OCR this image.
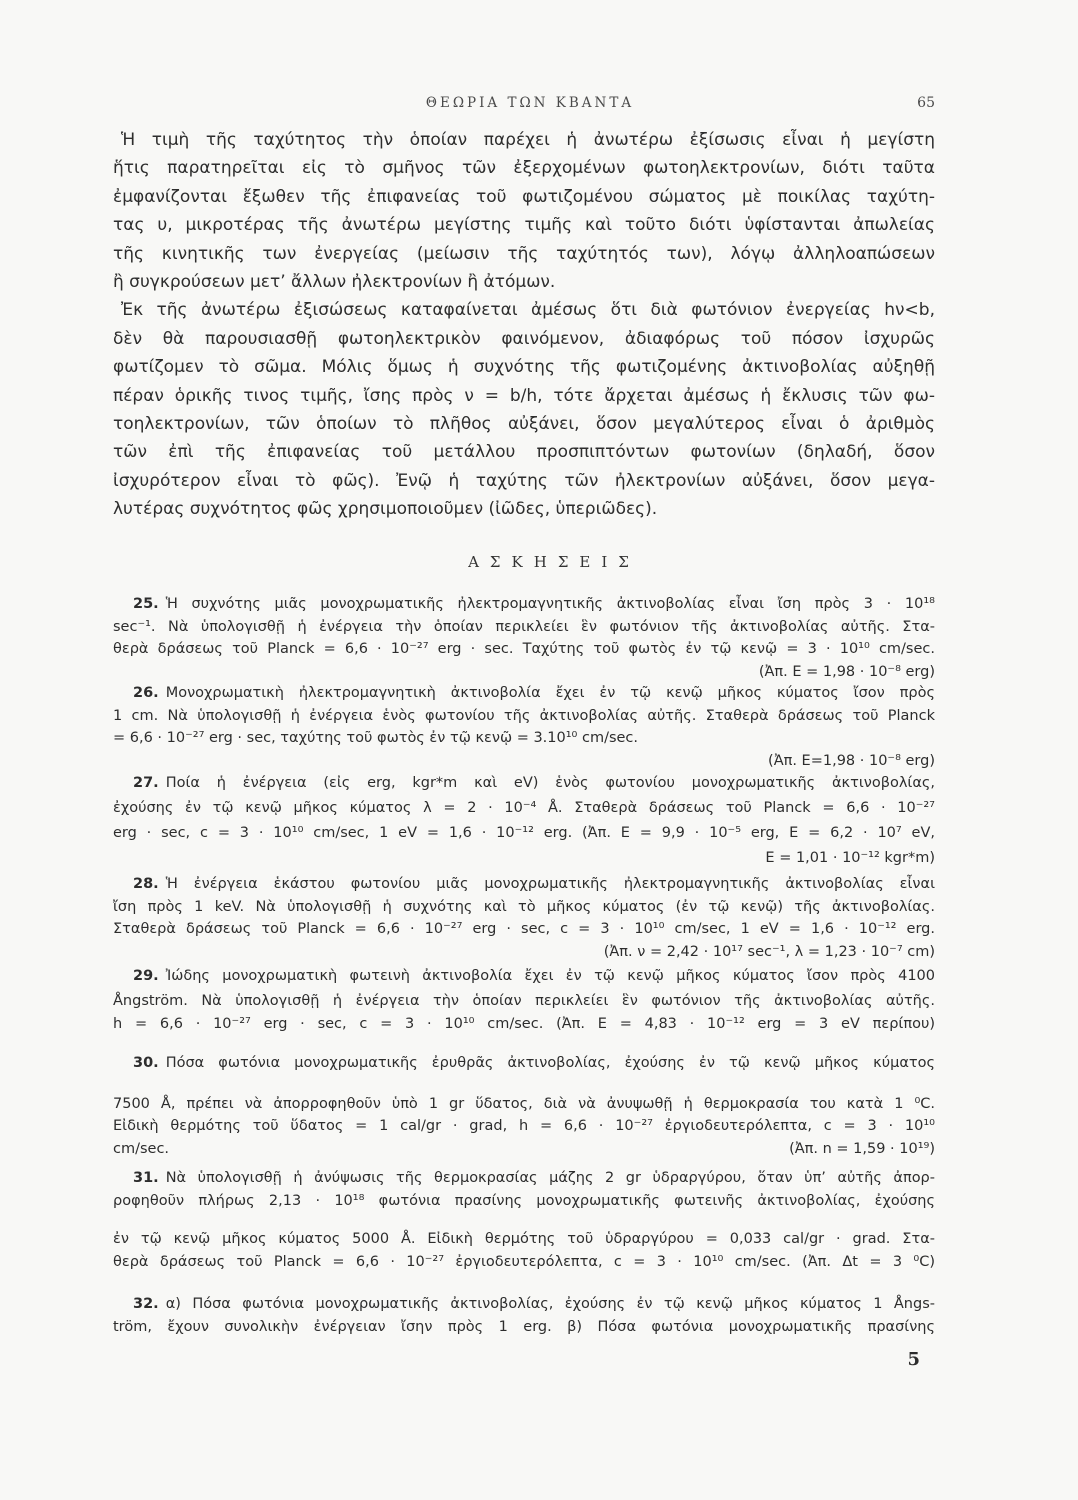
ΘΕΩΡΙΑ ΤΩΝ ΚΒΑΝΤΑ	65
Ἡ τιμὴ τῆς ταχύτητος τὴν ὁποίαν παρέχει ἡ ἀνωτέρω ἐξίσωσις εἶναι ἡ μεγίστη
ἥτις παρατηρεῖται εἰς τὸ σμῆνος τῶν ἐξερχομένων φωτοηλεκτρονίων, διότι ταῦτα
ἐμφανίζονται ἔξωθεν τῆς ἐπιφανείας τοῦ φωτιζομένου σώματος μὲ ποικίλας ταχύτη-
τας υ, μικροτέρας τῆς ἀνωτέρω μεγίστης τιμῆς καὶ τοῦτο διότι ὑφίστανται ἀπωλείας
τῆς κινητικῆς των ἐνεργείας (μείωσιν τῆς ταχύτητός των), λόγῳ ἀλληλοαπώσεων
ἢ συγκρούσεων μετ’ ἄλλων ἠλεκτρονίων ἢ ἀτόμων.
Ἐκ τῆς ἀνωτέρω ἐξισώσεως καταφαίνεται ἀμέσως ὅτι διὰ φωτόνιον ἐνεργείας hν<b,
δὲν θὰ παρουσιασθῇ φωτοηλεκτρικὸν φαινόμενον, ἀδιαφόρως τοῦ πόσον ἰσχυρῶς
φωτίζομεν τὸ σῶμα. Μόλις ὅμως ἡ συχνότης τῆς φωτιζομένης ἀκτινοβολίας αὐξηθῇ
πέραν ὁρικῆς τινος τιμῆς, ἴσης πρὸς ν = b/h, τότε ἄρχεται ἀμέσως ἡ ἔκλυσις τῶν φω-
τοηλεκτρονίων, τῶν ὁποίων τὸ πλῆθος αὐξάνει, ὅσον μεγαλύτερος εἶναι ὁ ἀριθμὸς
τῶν ἐπὶ τῆς ἐπιφανείας τοῦ μετάλλου προσπιπτόντων φωτονίων (δηλαδή, ὅσον
ἰσχυρότερον εἶναι τὸ φῶς). Ἐνῷ ἡ ταχύτης τῶν ἠλεκτρονίων αὐξάνει, ὅσον μεγα-
λυτέρας συχνότητος φῶς χρησιμοποιοῦμεν (ἰῶδες, ὑπεριῶδες).
ΑΣΚΗΣΕΙΣ
25. Ἡ συχνότης μιᾶς μονοχρωματικῆς ἠλεκτρομαγνητικῆς ἀκτινοβολίας εἶναι ἴση πρὸς 3 · 10¹⁸
sec⁻¹. Νὰ ὑπολογισθῇ ἡ ἐνέργεια τὴν ὁποίαν περικλείει ἓν φωτόνιον τῆς ἀκτινοβολίας αὐτῆς. Στα-
θερὰ δράσεως τοῦ Planck = 6,6 · 10⁻²⁷ erg · sec. Ταχύτης τοῦ φωτὸς ἐν τῷ κενῷ = 3 · 10¹⁰ cm/sec.
(Ἀπ. E = 1,98 · 10⁻⁸ erg)
26. Μονοχρωματικὴ ἠλεκτρομαγνητικὴ ἀκτινοβολία ἔχει ἐν τῷ κενῷ μῆκος κύματος ἴσον πρὸς
1 cm. Νὰ ὑπολογισθῇ ἡ ἐνέργεια ἑνὸς φωτονίου τῆς ἀκτινοβολίας αὐτῆς. Σταθερὰ δράσεως τοῦ Planck
= 6,6 · 10⁻²⁷ erg · sec, ταχύτης τοῦ φωτὸς ἐν τῷ κενῷ = 3.10¹⁰ cm/sec.
(Ἀπ. E=1,98 · 10⁻⁸ erg)
27. Ποία ἡ ἐνέργεια (εἰς erg, kgr*m καὶ eV) ἑνὸς φωτονίου μονοχρωματικῆς ἀκτινοβολίας,
ἐχούσης ἐν τῷ κενῷ μῆκος κύματος λ = 2 · 10⁻⁴ Å. Σταθερὰ δράσεως τοῦ Planck = 6,6 · 10⁻²⁷
erg · sec, c = 3 · 10¹⁰ cm/sec, 1 eV = 1,6 · 10⁻¹² erg. (Ἀπ. E = 9,9 · 10⁻⁵ erg, E = 6,2 · 10⁷ eV,
E = 1,01 · 10⁻¹² kgr*m)
28. Ἡ ἐνέργεια ἑκάστου φωτονίου μιᾶς μονοχρωματικῆς ἠλεκτρομαγνητικῆς ἀκτινοβολίας εἶναι
ἴση πρὸς 1 keV. Νὰ ὑπολογισθῇ ἡ συχνότης καὶ τὸ μῆκος κύματος (ἐν τῷ κενῷ) τῆς ἀκτινοβολίας.
Σταθερὰ δράσεως τοῦ Planck = 6,6 · 10⁻²⁷ erg · sec, c = 3 · 10¹⁰ cm/sec, 1 eV = 1,6 · 10⁻¹² erg.
(Ἀπ. ν = 2,42 · 10¹⁷ sec⁻¹, λ = 1,23 · 10⁻⁷ cm)
29. Ἰώδης μονοχρωματικὴ φωτεινὴ ἀκτινοβολία ἔχει ἐν τῷ κενῷ μῆκος κύματος ἴσον πρὸς 4100
Ångström. Νὰ ὑπολογισθῇ ἡ ἐνέργεια τὴν ὁποίαν περικλείει ἓν φωτόνιον τῆς ἀκτινοβολίας αὐτῆς.
h = 6,6 · 10⁻²⁷ erg · sec, c = 3 · 10¹⁰ cm/sec. (Ἀπ. E = 4,83 · 10⁻¹² erg = 3 eV περίπου)
30. Πόσα φωτόνια μονοχρωματικῆς ἐρυθρᾶς ἀκτινοβολίας, ἐχούσης ἐν τῷ κενῷ μῆκος κύματος
7500 Å, πρέπει νὰ ἀπορροφηθοῦν ὑπὸ 1 gr ὕδατος, διὰ νὰ ἀνυψωθῇ ἡ θερμοκρασία του κατὰ 1 ⁰C.
Εἰδικὴ θερμότης τοῦ ὕδατος = 1 cal/gr · grad, h = 6,6 · 10⁻²⁷ ἐργιοδευτερόλεπτα, c = 3 · 10¹⁰
cm/sec.	(Ἀπ. n = 1,59 · 10¹⁹)
31. Νὰ ὑπολογισθῇ ἡ ἀνύψωσις τῆς θερμοκρασίας μάζης 2 gr ὑδραργύρου, ὅταν ὑπ’ αὐτῆς ἀπορ-
ροφηθοῦν πλήρως 2,13 · 10¹⁸ φωτόνια πρασίνης μονοχρωματικῆς φωτεινῆς ἀκτινοβολίας, ἐχούσης
ἐν τῷ κενῷ μῆκος κύματος 5000 Å. Εἰδικὴ θερμότης τοῦ ὑδραργύρου = 0,033 cal/gr · grad. Στα-
θερὰ δράσεως τοῦ Planck = 6,6 · 10⁻²⁷ ἐργιοδευτερόλεπτα, c = 3 · 10¹⁰ cm/sec. (Ἀπ. Δt = 3 ⁰C)
32. α) Πόσα φωτόνια μονοχρωματικῆς ἀκτινοβολίας, ἐχούσης ἐν τῷ κενῷ μῆκος κύματος 1 Ångs-
tröm, ἔχουν συνολικὴν ἐνέργειαν ἴσην πρὸς 1 erg. β) Πόσα φωτόνια μονοχρωματικῆς πρασίνης
5
